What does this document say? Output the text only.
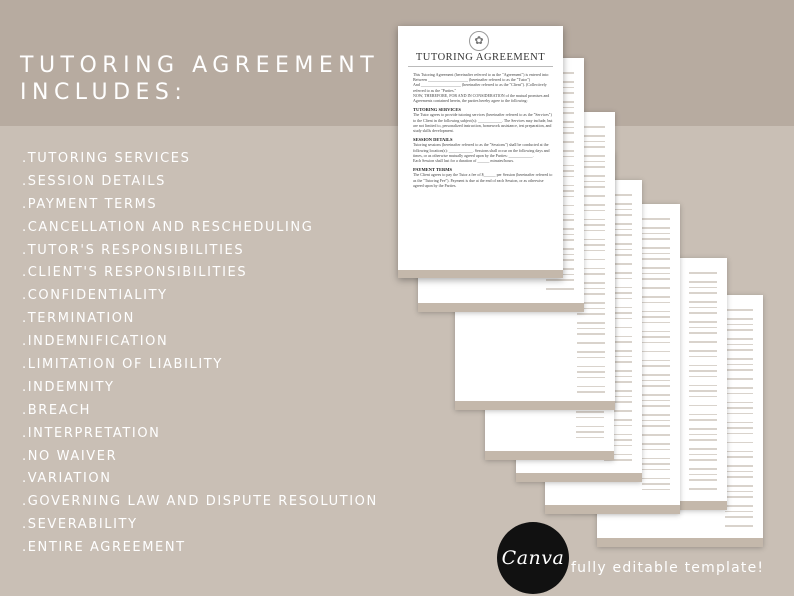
TUTORING AGREEMENT
INCLUDES:
.TUTORING SERVICES
.SESSION DETAILS
.PAYMENT TERMS
.CANCELLATION AND RESCHEDULING
.TUTOR'S RESPONSIBILITIES
.CLIENT'S RESPONSIBILITIES
.CONFIDENTIALITY
.TERMINATION
.INDEMNIFICATION
.LIMITATION OF LIABILITY
.INDEMNITY
.BREACH
.INTERPRETATION
.NO WAIVER
.VARIATION
.GOVERNING LAW AND DISPUTE RESOLUTION
.SEVERABILITY
.ENTIRE AGREEMENT
✿
TUTORING AGREEMENT

This Tutoring Agreement (hereinafter referred to as the "Agreement") is entered into:

Between ____________________ (hereinafter referred to as the "Tutor")

And ____________________ (hereinafter referred to as the "Client"). (Collectively referred to as the "Parties."

NOW, THEREFORE, FOR AND IN CONSIDERATION of the mutual promises and Agreements contained herein, the parties hereby agree to the following:

TUTORING SERVICES

The Tutor agrees to provide tutoring services (hereinafter referred to as the "Services") to the Client in the following subject(s): ____________. The Services may include, but are not limited to, personalized instruction, homework assistance, test preparation, and study skills development.

SESSION DETAILS

Tutoring sessions (hereinafter referred to as the "Sessions") shall be conducted at the following location(s): ____________. Sessions shall occur on the following days and times, or as otherwise mutually agreed upon by the Parties: ____________.

Each Session shall last for a duration of ______ minutes/hours.

PAYMENT TERMS

The Client agrees to pay the Tutor a fee of $______ per Session (hereinafter referred to as the "Tutoring Fee"). Payment is due at the end of each Session, or as otherwise agreed upon by the Parties.

Canva fully editable template!
